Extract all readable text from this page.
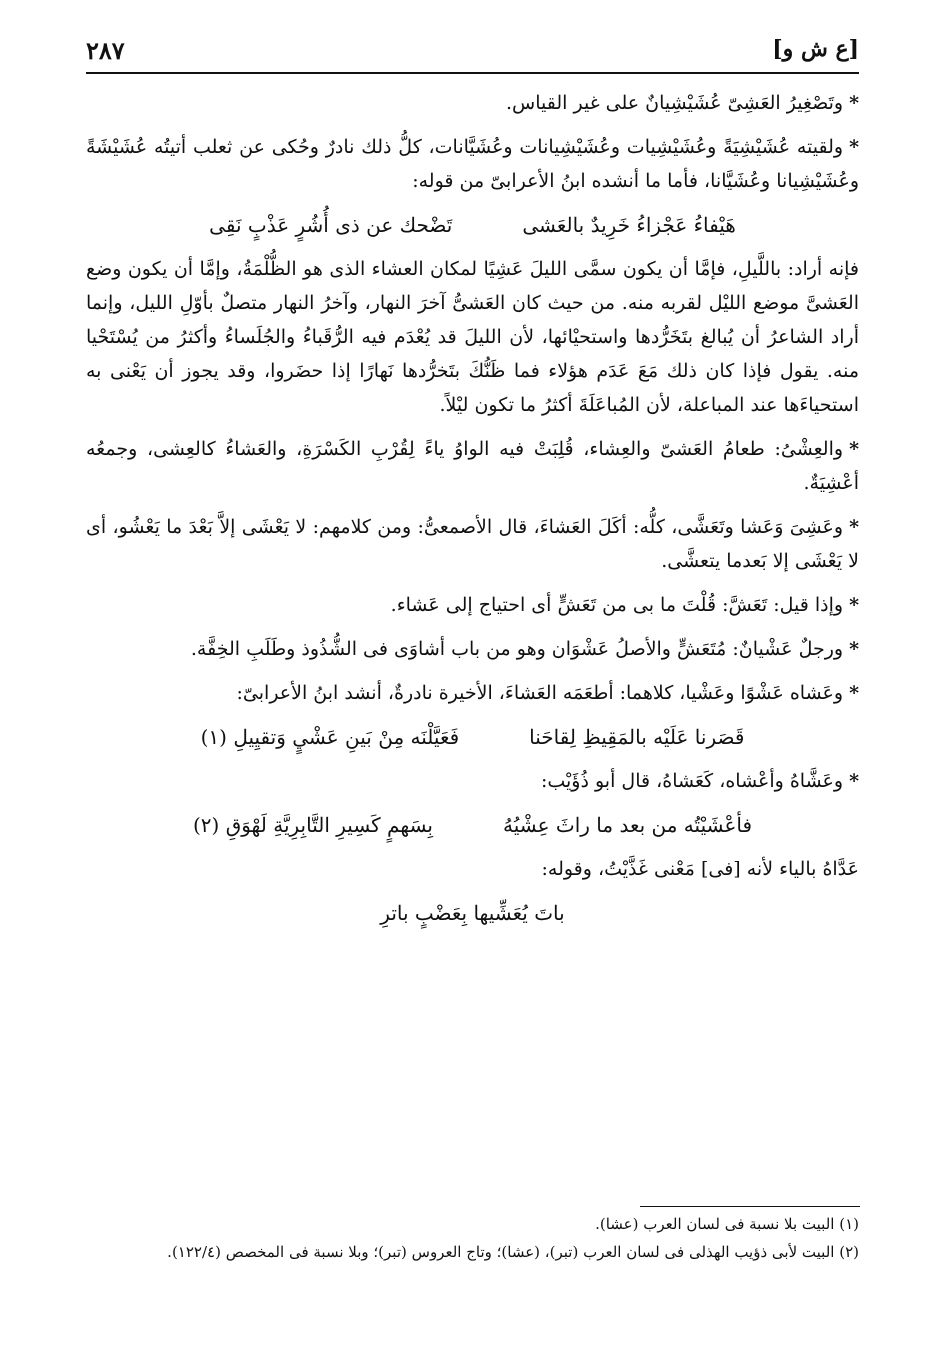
[ع ش و]
٢٨٧

*وتَصْغِيرُ العَشِىّ عُشَيْشِيانٌ على غير القياس.

*ولقيته عُشَيْشِيَةً وعُشَيْشِيات وعُشَيْشِيانات وعُشَيَّانات، كلُّ ذلك نادرٌ وحُكى عن ثعلب أتيتُه عُشَيْشَةً وعُشَيْشِيانا وعُشَيَّانا، فأما ما أنشده ابنُ الأعرابىّ من قوله:

هَيْفاءُ عَجْزاءُ خَرِيدٌ بالعَشى
تَضْحك عن ذى أُشُرٍ عَذْبٍ نَقِى

فإنه أراد: باللَّيلِ، فإمَّا أن يكون سمَّى الليلَ عَشِيًا لمكان العشاء الذى هو الظُّلْمَةُ، وإمَّا أن يكون وضع العَشىَّ موضع الليْل لقربه منه. من حيث كان العَشىُّ آخرَ النهار، وآخرُ النهار متصلٌ بأوّلِ الليل، وإنما أراد الشاعرُ أن يُبالغ بتَخَرُّدها واستحيْائها، لأن الليلَ قد يُعْدَم فيه الرُّقَباءُ والجُلَساءُ وأكثرُ من يُسْتَحْيا منه. يقول فإذا كان ذلك مَعَ عَدَم هؤلاء فما ظَنُّكَ بتَخرُّدها نَهارًا إذا حضَروا، وقد يجوز أن يَعْنى به استحياءَها عند المباعلة، لأن المُباعَلَةَ أكثرُ ما تكون ليْلاً.

*والعِشْىُ: طعامُ العَشىّ والعِشاء، قُلِبَتْ فيه الواوُ ياءً لِقُرْبِ الكَسْرَةِ، والعَشاءُ كالعِشى، وجمعُه أعْشِيَةٌ.

*وعَشِىَ وَعَشا وتَعَشَّى، كلُّه: أكَلَ العَشاءَ، قال الأصمعىُّ: ومن كلامهم: لا يَعْشَى إلاَّ بَعْدَ ما يَعْشُو، أى لا يَعْشَى إلا بَعدما يتعشَّى.

*وإذا قيل: تَعَشَّ: قُلْتَ ما بى من تَعَشٍّ أى احتياج إلى عَشاء.

*ورجلٌ عَشْيانٌ: مُتَعَشٍّ والأصلُ عَشْوَان وهو من باب أشاوَى فى الشُّذُوذ وطَلَبِ الخِفَّة.

*وعَشاه عَشْوًا وعَشْيا، كلاهما: أطعَمَه العَشاءَ، الأخيرة نادرةٌ، أنشد ابنُ الأعرابىّ:

قَصَرنا عَلَيْه بالمَقِيظِ لِقاحَنا
فَعَيَّلْنَه مِنْ بَينِ عَشْيٍ وَتقيِيلِ (١)

*وعَشَّاهُ وأعْشاه، كَعَشاهُ، قال أبو ذُؤَيْب:

فأعْشَيْتُه من بعد ما راثَ عِشْيُهُ
بِسَهمٍ كَسِيرِ التَّابِرِيَّةِ لَهْوَقِ (٢)

عَدَّاهُ بالياء لأنه [فى] مَعْنى غَذَّيْتُ، وقوله:

باتَ يُعَشِّيها بِعَضْبٍ باترِ

(١) البيت بلا نسبة فى لسان العرب (عشا).

(٢) البيت لأبى ذؤيب الهذلى فى لسان العرب (تبر)، (عشا)؛ وتاج العروس (تبر)؛ وبلا نسبة فى المخصص (١٢٢/٤).
